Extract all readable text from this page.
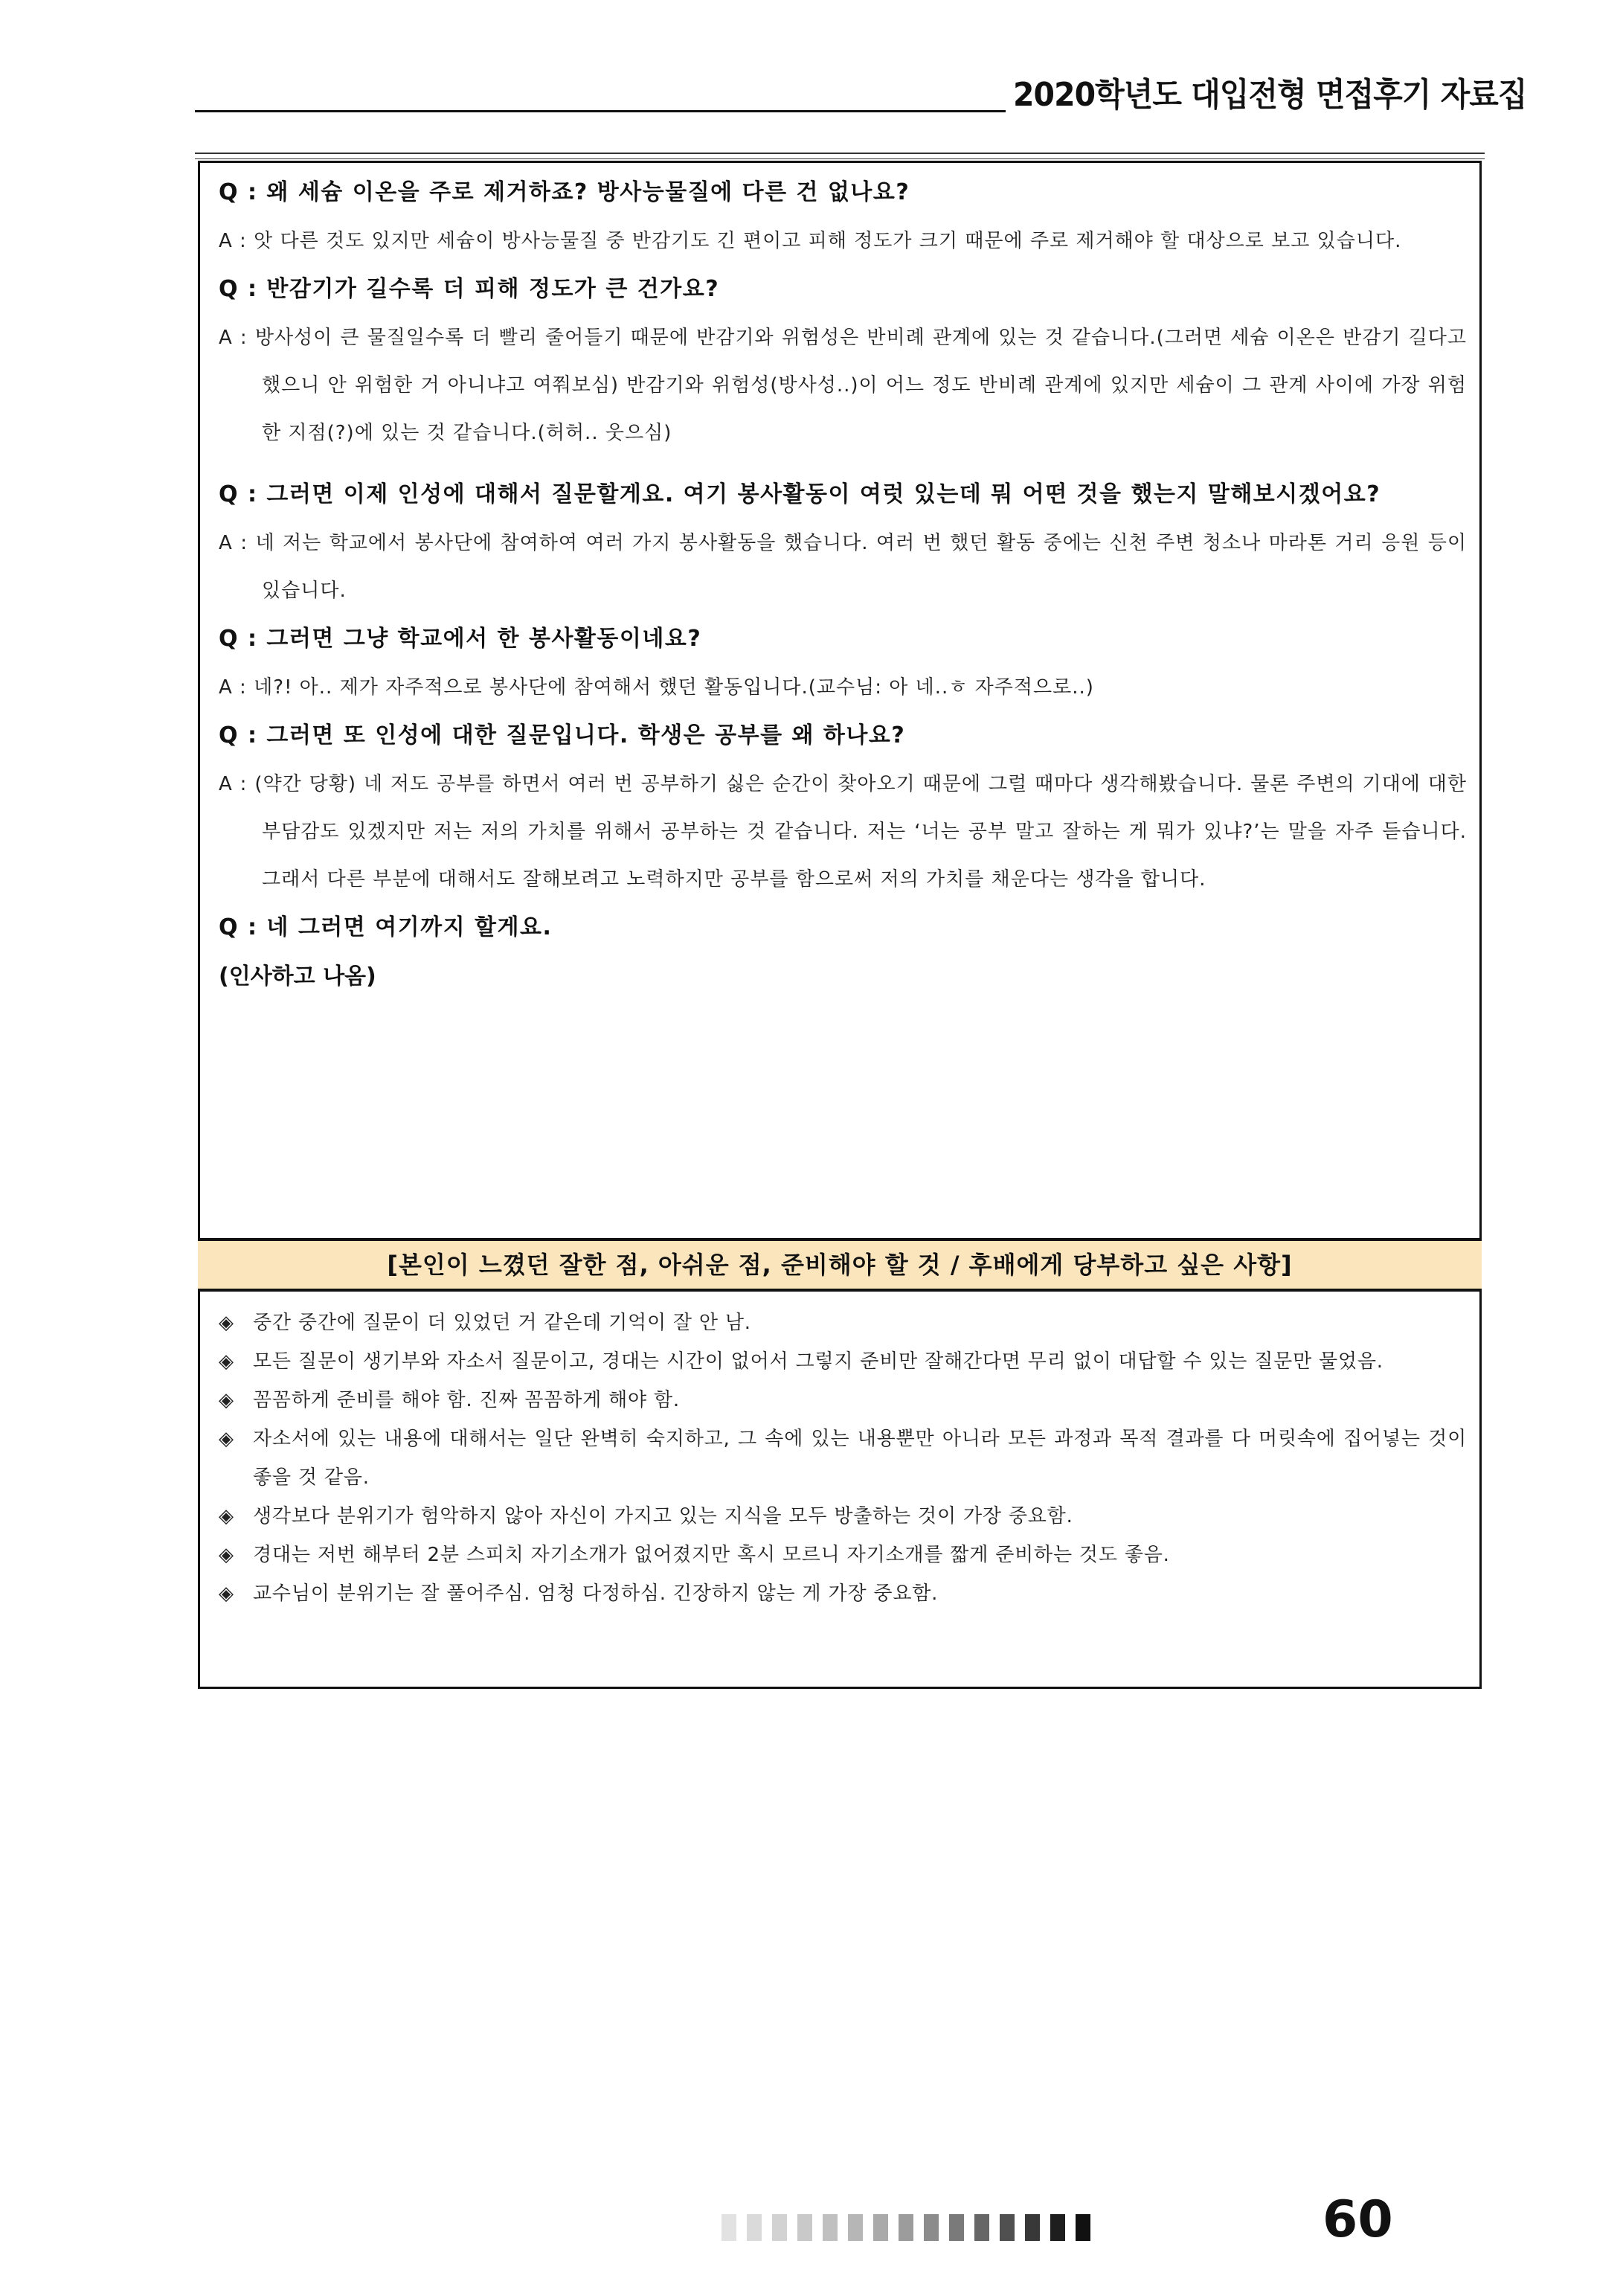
2020학년도 대입전형 면접후기 자료집
Q : 왜 세슘 이온을 주로 제거하죠? 방사능물질에 다른 건 없나요?
A : 앗 다른 것도 있지만 세슘이 방사능물질 중 반감기도 긴 편이고 피해 정도가 크기 때문에 주로 제거해야 할 대상으로 보고 있습니다.
Q : 반감기가 길수록 더 피해 정도가 큰 건가요?
A : 방사성이 큰 물질일수록 더 빨리 줄어들기 때문에 반감기와 위험성은 반비례 관계에 있는 것 같습니다.(그러면 세슘 이온은 반감기 길다고 했으니 안 위험한 거 아니냐고 여쭤보심) 반감기와 위험성(방사성..)이 어느 정도 반비례 관계에 있지만 세슘이 그 관계 사이에 가장 위험한 지점(?)에 있는 것 같습니다.(허허.. 웃으심)
Q : 그러면 이제 인성에 대해서 질문할게요. 여기 봉사활동이 여럿 있는데 뭐 어떤 것을 했는지 말해보시겠어요?
A : 네 저는 학교에서 봉사단에 참여하여 여러 가지 봉사활동을 했습니다. 여러 번 했던 활동 중에는 신천 주변 청소나 마라톤 거리 응원 등이 있습니다.
Q : 그러면 그냥 학교에서 한 봉사활동이네요?
A : 네?! 아.. 제가 자주적으로 봉사단에 참여해서 했던 활동입니다.(교수님: 아 네..ㅎ 자주적으로..)
Q : 그러면 또 인성에 대한 질문입니다. 학생은 공부를 왜 하나요?
A : (약간 당황) 네 저도 공부를 하면서 여러 번 공부하기 싫은 순간이 찾아오기 때문에 그럴 때마다 생각해봤습니다. 물론 주변의 기대에 대한 부담감도 있겠지만 저는 저의 가치를 위해서 공부하는 것 같습니다. 저는 ‘너는 공부 말고 잘하는 게 뭐가 있냐?’는 말을 자주 듣습니다. 그래서 다른 부분에 대해서도 잘해보려고 노력하지만 공부를 함으로써 저의 가치를 채운다는 생각을 합니다.
Q : 네 그러면 여기까지 할게요.
(인사하고 나옴)
[본인이 느꼈던 잘한 점, 아쉬운 점, 준비해야 할 것 / 후배에게 당부하고 싶은 사항]
◈ 중간 중간에 질문이 더 있었던 거 같은데 기억이 잘 안 남.
◈ 모든 질문이 생기부와 자소서 질문이고, 경대는 시간이 없어서 그렇지 준비만 잘해간다면 무리 없이 대답할 수 있는 질문만 물었음.
◈ 꼼꼼하게 준비를 해야 함. 진짜 꼼꼼하게 해야 함.
◈ 자소서에 있는 내용에 대해서는 일단 완벽히 숙지하고, 그 속에 있는 내용뿐만 아니라 모든 과정과 목적 결과를 다 머릿속에 집어넣는 것이 좋을 것 같음.
◈ 생각보다 분위기가 험악하지 않아 자신이 가지고 있는 지식을 모두 방출하는 것이 가장 중요함.
◈ 경대는 저번 해부터 2분 스피치 자기소개가 없어졌지만 혹시 모르니 자기소개를 짧게 준비하는 것도 좋음.
◈ 교수님이 분위기는 잘 풀어주심. 엄청 다정하심. 긴장하지 않는 게 가장 중요함.
60
